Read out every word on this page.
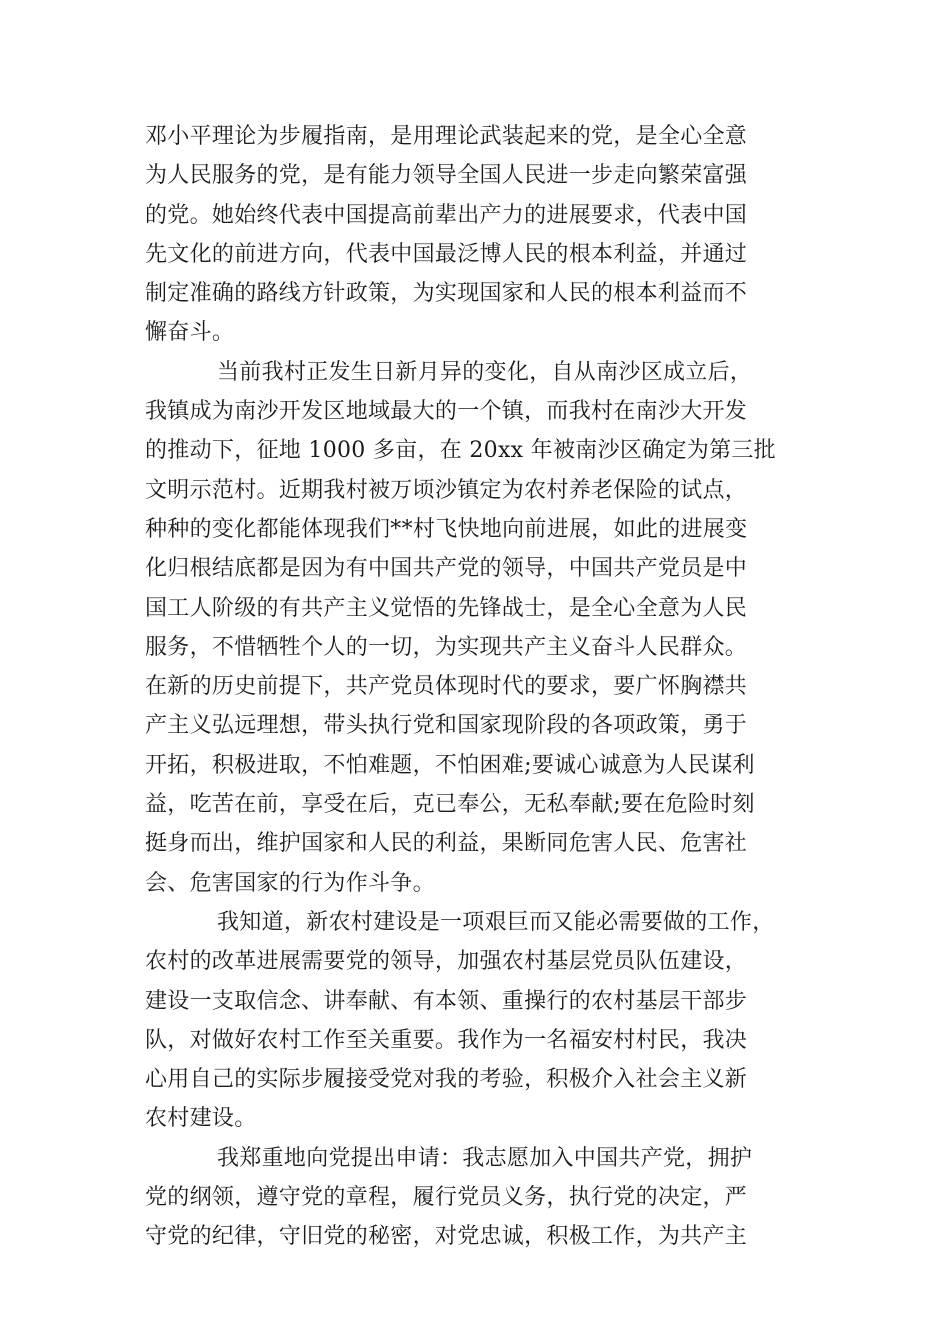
邓小平理论为步履指南，是用理论武装起来的党，是全心全意
为人民服务的党，是有能力领导全国人民进一步走向繁荣富强
的党。她始终代表中国提高前辈出产力的进展要求，代表中国
先文化的前进方向，代表中国最泛博人民的根本利益，并通过
制定准确的路线方针政策，为实现国家和人民的根本利益而不
懈奋斗。
当前我村正发生日新月异的变化，自从南沙区成立后，
我镇成为南沙开发区地域最大的一个镇，而我村在南沙大开发
的推动下，征地 1000 多亩，在 20xx 年被南沙区确定为第三批
文明示范村。近期我村被万顷沙镇定为农村养老保险的试点，
种种的变化都能体现我们**村飞快地向前进展，如此的进展变
化归根结底都是因为有中国共产党的领导，中国共产党员是中
国工人阶级的有共产主义觉悟的先锋战士，是全心全意为人民
服务，不惜牺牲个人的一切，为实现共产主义奋斗人民群众。
在新的历史前提下，共产党员体现时代的要求，要广怀胸襟共
产主义弘远理想，带头执行党和国家现阶段的各项政策，勇于
开拓，积极进取，不怕难题，不怕困难;要诚心诚意为人民谋利
益，吃苦在前，享受在后，克已奉公，无私奉献;要在危险时刻
挺身而出，维护国家和人民的利益，果断同危害人民、危害社
会、危害国家的行为作斗争。
我知道，新农村建设是一项艰巨而又能必需要做的工作，
农村的改革进展需要党的领导，加强农村基层党员队伍建设，
建设一支取信念、讲奉献、有本领、重操行的农村基层干部步
队，对做好农村工作至关重要。我作为一名福安村村民，我决
心用自己的实际步履接受党对我的考验，积极介入社会主义新
农村建设。
我郑重地向党提出申请：我志愿加入中国共产党，拥护
党的纲领，遵守党的章程，履行党员义务，执行党的决定，严
守党的纪律，守旧党的秘密，对党忠诚，积极工作，为共产主
